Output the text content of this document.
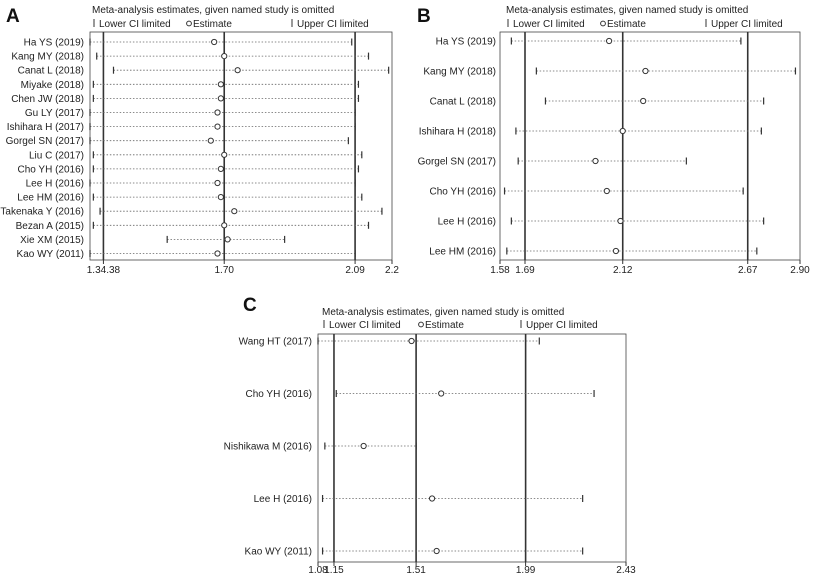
A	Meta-analysis estimates, given named study is omitted
Lower CI limited Estimate	Upper CI limited
1.34.38	1.70	2.09 2.2
Ha YS (2019)
Kang MY (2018)
Canat L (2018)
Miyake (2018)
Chen JW (2018)
Gu LY (2017)
Ishihara H (2017)
Gorgel SN (2017)
Liu C (2017)
Cho YH (2016)
Lee H (2016)
Lee HM (2016)
Takenaka Y (2016)
Bezan A (2015)
Xie XM (2015)
Kao WY (2011)
B	Meta-analysis estimates, given named study is omitted
Lower CI limited Estimate	Upper CI limited
1.58 1.69	2.12	2.67	2.90
Ha YS (2019)
Kang MY (2018)
Canat L (2018)
Ishihara H (2018)
Gorgel SN (2017)
Cho YH (2016)
Lee H (2016)
Lee HM (2016)
C	Meta-analysis estimates, given named study is omitted
Lower CI limited Estimate	Upper CI limited
1.08
1.15	1.51	1.99	2.43
Wang HT (2017)
Cho YH (2016)
Nishikawa M (2016)
Lee H (2016)
Kao WY (2011)
